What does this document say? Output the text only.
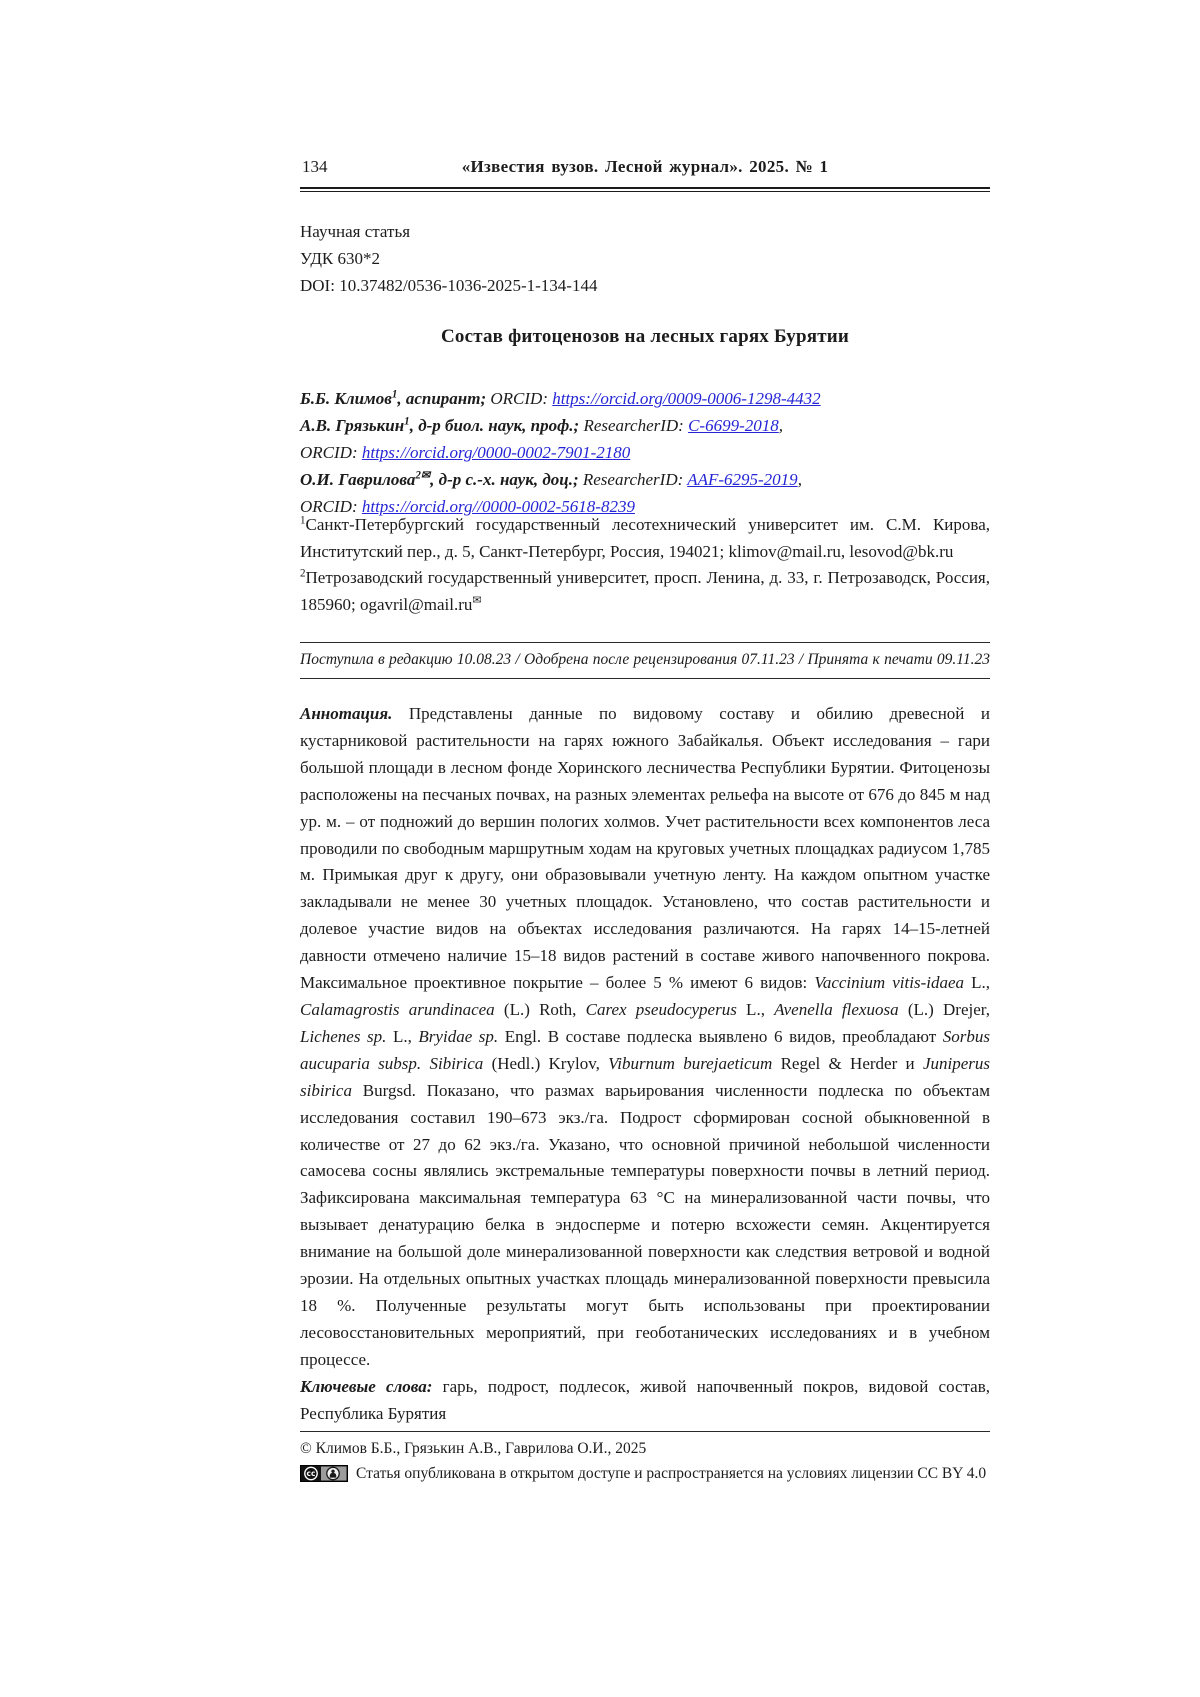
134	«Известия вузов. Лесной журнал». 2025. № 1
Научная статья
УДК 630*2
DOI: 10.37482/0536-1036-2025-1-134-144
Состав фитоценозов на лесных гарях Бурятии
Б.Б. Климов$^1$, аспирант; ORCID: https://orcid.org/0009-0006-1298-4432
А.В. Грязькин$^1$, д-р биол. наук, проф.; ResearcherID: C-6699-2018,
ORCID: https://orcid.org/0000-0002-7901-2180
О.И. Гаврилова$^{2✉}$, д-р с.-х. наук, доц.; ResearcherID: AAF-6295-2019,
ORCID: https://orcid.org//0000-0002-5618-8239

$^1$Санкт-Петербургский государственный лесотехнический университет им. С.М. Кирова, Институтский пер., д. 5, Санкт-Петербург, Россия, 194021; klimov@mail.ru, lesovod@bk.ru

$^2$Петрозаводский государственный университет, просп. Ленина, д. 33, г. Петрозаводск, Россия, 185960; ogavril@mail.ru✉

Поступила в редакцию 10.08.23 / Одобрена после рецензирования 07.11.23 / Принята к печати 09.11.23

Аннотация. Представлены данные по видовому составу и обилию древесной и кустарниковой растительности на гарях южного Забайкалья. Объект исследования – гари большой площади в лесном фонде Хоринского лесничества Республики Бурятии. Фитоценозы расположены на песчаных почвах, на разных элементах рельефа на высоте от 676 до 845 м над ур. м. – от подножий до вершин пологих холмов. Учет растительности всех компонентов леса проводили по свободным маршрутным ходам на круговых учетных площадках радиусом 1,785 м. Примыкая друг к другу, они образовывали учетную ленту. На каждом опытном участке закладывали не менее 30 учетных площадок. Установлено, что состав растительности и долевое участие видов на объектах исследования различаются. На гарях 14–15-летней давности отмечено наличие 15–18 видов растений в составе живого напочвенного покрова. Максимальное проективное покрытие – более 5 % имеют 6 видов: Vaccinium vitis-idaea L., Calamagrostis arundinacea (L.) Roth, Carex pseudocyperus L., Avenella flexuosa (L.) Drejer, Lichenes sp. L., Bryidae sp. Engl. В составе подлеска выявлено 6 видов, преобладают Sorbus aucuparia subsp. Sibirica (Hedl.) Krylov, Viburnum burejaeticum Regel & Herder и Juniperus sibirica Burgsd. Показано, что размах варьирования численности подлеска по объектам исследования составил 190–673 экз./га. Подрост сформирован сосной обыкновенной в количестве от 27 до 62 экз./га. Указано, что основной причиной небольшой численности самосева сосны являлись экстремальные температуры поверхности почвы в летний период. Зафиксирована максимальная температура 63 °С на минерализованной части почвы, что вызывает денатурацию белка в эндосперме и потерю всхожести семян. Акцентируется внимание на большой доле минерализованной поверхности как следствия ветровой и водной эрозии. На отдельных опытных участках площадь минерализованной поверхности превысила 18 %. Полученные результаты могут быть использованы при проектировании лесовосстановительных мероприятий, при геоботанических исследованиях и в учебном процессе.

Ключевые слова: гарь, подрост, подлесок, живой напочвенный покров, видовой состав, Республика Бурятия

© Климов Б.Б., Грязькин А.В., Гаврилова О.И., 2025
cc	Статья опубликована в открытом доступе и распространяется на условиях лицензии CC BY 4.0
